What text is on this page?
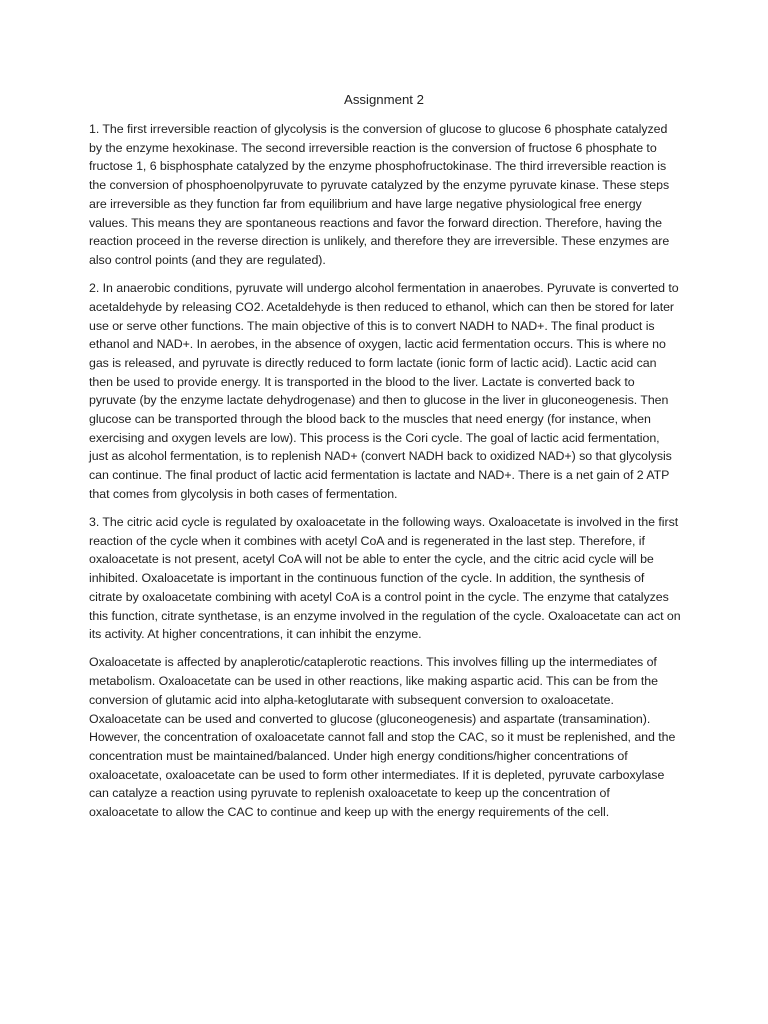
Assignment 2

1. The first irreversible reaction of glycolysis is the conversion of glucose to glucose 6 phosphate catalyzed by the enzyme hexokinase. The second irreversible reaction is the conversion of fructose 6 phosphate to fructose 1, 6 bisphosphate catalyzed by the enzyme phosphofructokinase. The third irreversible reaction is the conversion of phosphoenolpyruvate to pyruvate catalyzed by the enzyme pyruvate kinase. These steps are irreversible as they function far from equilibrium and have large negative physiological free energy values. This means they are spontaneous reactions and favor the forward direction. Therefore, having the reaction proceed in the reverse direction is unlikely, and therefore they are irreversible. These enzymes are also control points (and they are regulated).

2. In anaerobic conditions, pyruvate will undergo alcohol fermentation in anaerobes. Pyruvate is converted to acetaldehyde by releasing CO2. Acetaldehyde is then reduced to ethanol, which can then be stored for later use or serve other functions. The main objective of this is to convert NADH to NAD+. The final product is ethanol and NAD+. In aerobes, in the absence of oxygen, lactic acid fermentation occurs. This is where no gas is released, and pyruvate is directly reduced to form lactate (ionic form of lactic acid). Lactic acid can then be used to provide energy. It is transported in the blood to the liver. Lactate is converted back to pyruvate (by the enzyme lactate dehydrogenase) and then to glucose in the liver in gluconeogenesis. Then glucose can be transported through the blood back to the muscles that need energy (for instance, when exercising and oxygen levels are low). This process is the Cori cycle. The goal of lactic acid fermentation, just as alcohol fermentation, is to replenish NAD+ (convert NADH back to oxidized NAD+) so that glycolysis can continue. The final product of lactic acid fermentation is lactate and NAD+. There is a net gain of 2 ATP that comes from glycolysis in both cases of fermentation.

3. The citric acid cycle is regulated by oxaloacetate in the following ways. Oxaloacetate is involved in the first reaction of the cycle when it combines with acetyl CoA and is regenerated in the last step. Therefore, if oxaloacetate is not present, acetyl CoA will not be able to enter the cycle, and the citric acid cycle will be inhibited. Oxaloacetate is important in the continuous function of the cycle. In addition, the synthesis of citrate by oxaloacetate combining with acetyl CoA is a control point in the cycle. The enzyme that catalyzes this function, citrate synthetase, is an enzyme involved in the regulation of the cycle. Oxaloacetate can act on its activity. At higher concentrations, it can inhibit the enzyme.

Oxaloacetate is affected by anaplerotic/cataplerotic reactions. This involves filling up the intermediates of metabolism. Oxaloacetate can be used in other reactions, like making aspartic acid. This can be from the conversion of glutamic acid into alpha-ketoglutarate with subsequent conversion to oxaloacetate. Oxaloacetate can be used and converted to glucose (gluconeogenesis) and aspartate (transamination). However, the concentration of oxaloacetate cannot fall and stop the CAC, so it must be replenished, and the concentration must be maintained/balanced. Under high energy conditions/higher concentrations of oxaloacetate, oxaloacetate can be used to form other intermediates. If it is depleted, pyruvate carboxylase can catalyze a reaction using pyruvate to replenish oxaloacetate to keep up the concentration of oxaloacetate to allow the CAC to continue and keep up with the energy requirements of the cell.
